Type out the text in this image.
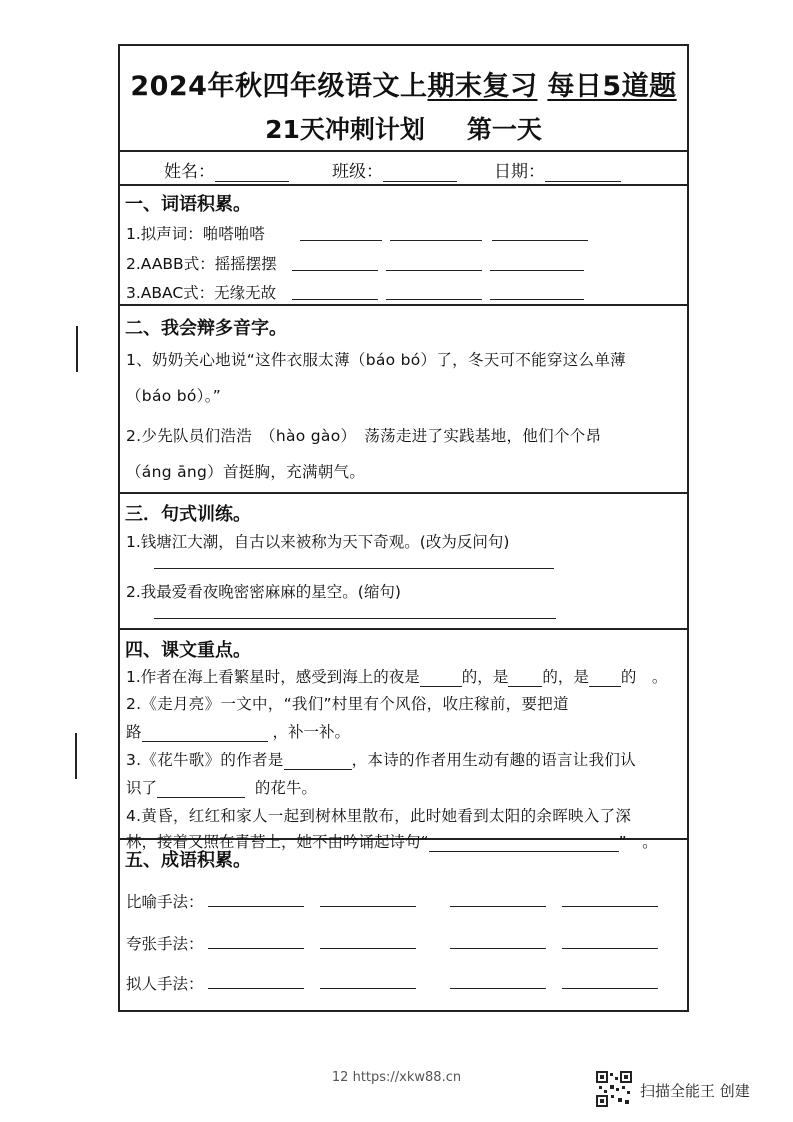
2024年秋四年级语文上期末复习 每日5道题
21天冲刺计划 第一天
姓名：	班级：	日期：
一、词语积累。
1.拟声词：啪嗒啪嗒
2.AABB式：摇摇摆摆
3.ABAC式：无缘无故
二、我会辩多音字。
1、奶奶关心地说“这件衣服太薄（báo bó）了，冬天可不能穿这么单薄
（báo bó）。”
2.少先队员们浩浩　（hào gào）　荡荡走进了实践基地，他们个个昂
（áng āng）首挺胸，充满朝气。
三．句式训练。
1.钱塘江大潮，自古以来被称为天下奇观。(改为反问句)
2.我最爱看夜晚密密麻麻的星空。(缩句)
四、课文重点。
1.作者在海上看繁星时，感受到海上的夜是	的，是 的，是 的　。
2.《走月亮》一文中，“我们”村里有个风俗，收庄稼前，要把道
路	，补一补。
3.《花牛歌》的作者是	，本诗的作者用生动有趣的语言让我们认
识了	的花牛。
4.黄昏，红红和家人一起到树林里散布，此时她看到太阳的余晖映入了深
林，接着又照在青苔上，她不由吟诵起诗句“	”　。
五、成语积累。
比喻手法：
夸张手法：
拟人手法：
12 https://xkw88.cn
扫描全能王 创建
